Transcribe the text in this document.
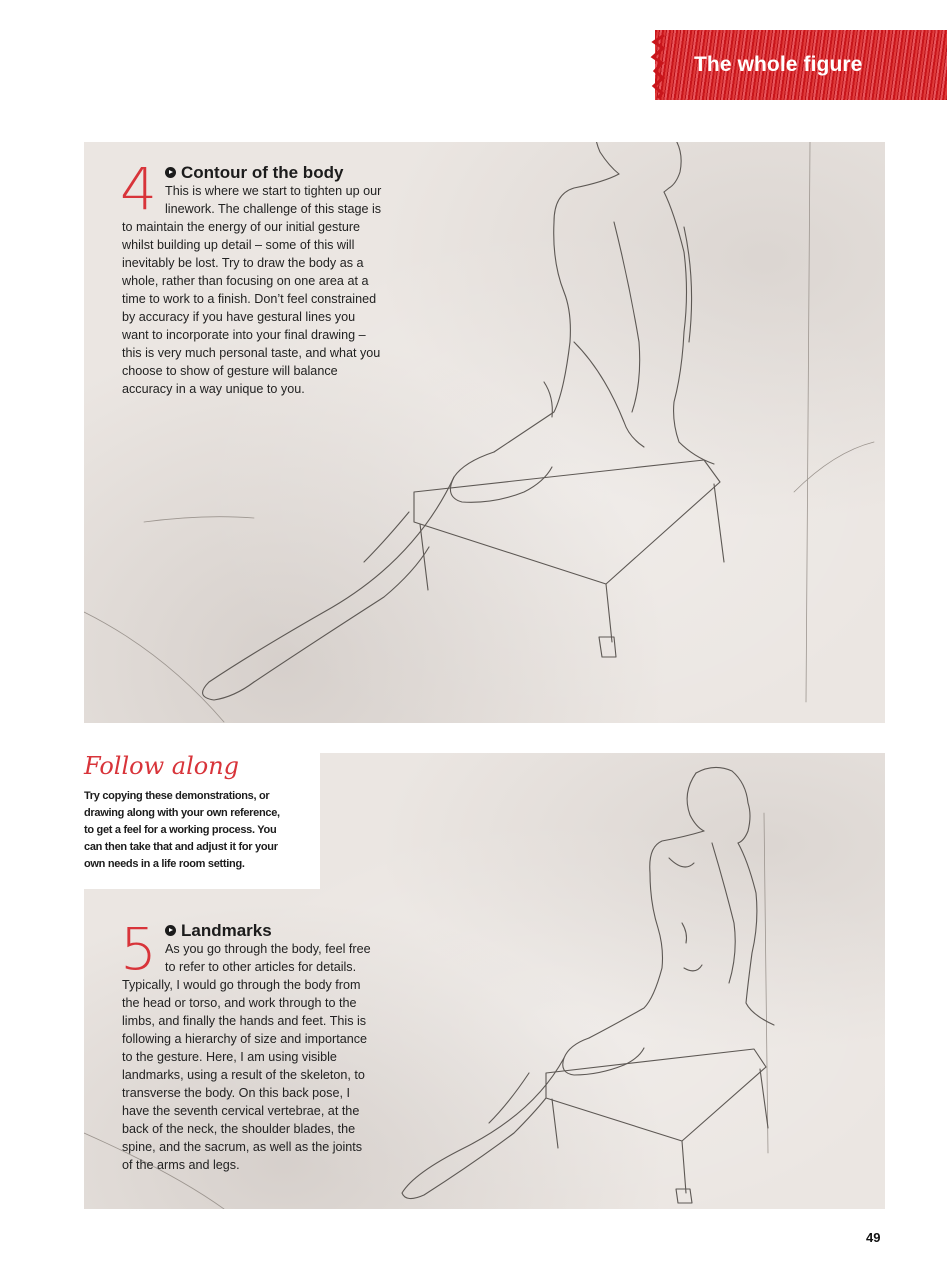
The whole figure
4	Contour of the body
This is where we start to tighten up our
linework. The challenge of this stage is
to maintain the energy of our initial gesture
whilst building up detail – some of this will
inevitably be lost. Try to draw the body as a
whole, rather than focusing on one area at a
time to work to a finish. Don’t feel constrained
by accuracy if you have gestural lines you
want to incorporate into your final drawing –
this is very much personal taste, and what you
choose to show of gesture will balance
accuracy in a way unique to you.
Follow along
Try copying these demonstrations, or
drawing along with your own reference,
to get a feel for a working process. You
can then take that and adjust it for your
own needs in a life room setting.
5	Landmarks
As you go through the body, feel free
to refer to other articles for details.
Typically, I would go through the body from
the head or torso, and work through to the
limbs, and finally the hands and feet. This is
following a hierarchy of size and importance
to the gesture. Here, I am using visible
landmarks, using a result of the skeleton, to
transverse the body. On this back pose, I
have the seventh cervical vertebrae, at the
back of the neck, the shoulder blades, the
spine, and the sacrum, as well as the joints
of the arms and legs.
49
